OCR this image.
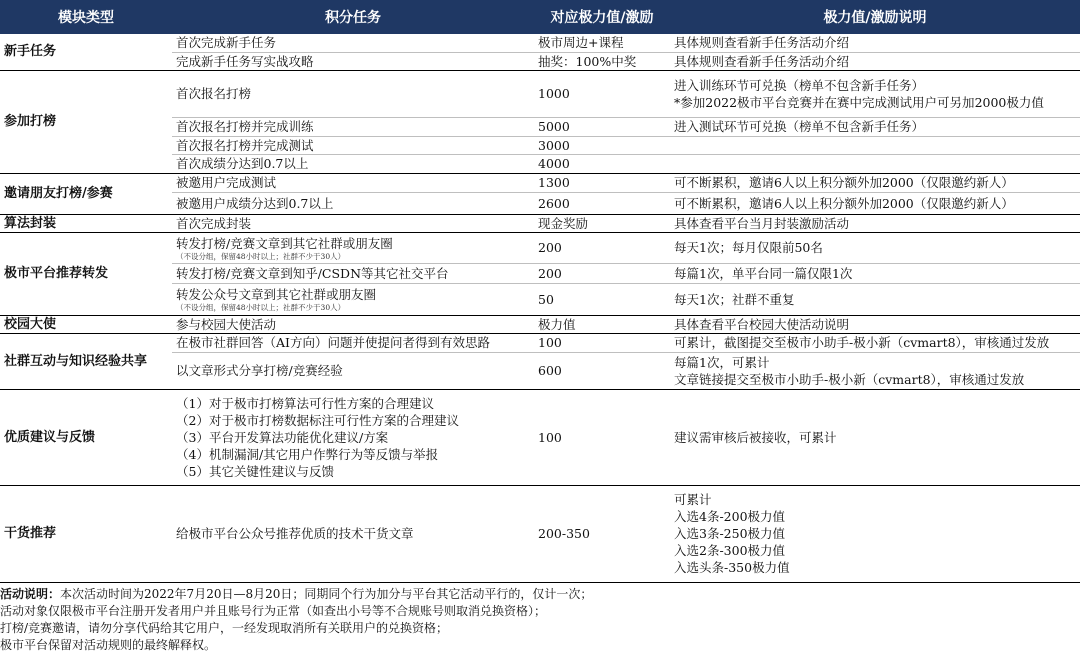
模块类型	积分任务	对应极力值/激励	极力值/激励说明
新手任务	首次完成新手任务	极市周边+课程	具体规则查看新手任务活动介绍
	完成新手任务写实战攻略	抽奖：100%中奖	具体规则查看新手任务活动介绍
参加打榜	首次报名打榜	1000	进入训练环节可兑换（榜单不包含新手任务）
*参加2022极市平台竞赛并在赛中完成测试用户可另加2000极力值

	首次报名打榜并完成训练	5000	进入测试环节可兑换（榜单不包含新手任务）
	首次报名打榜并完成测试	3000	
	首次成绩分达到0.7以上	4000	
邀请朋友打榜/参赛	被邀用户完成测试	1300	可不断累积，邀请6人以上积分额外加2000（仅限邀约新人）
	被邀用户成绩分达到0.7以上	2600	可不断累积，邀请6人以上积分额外加2000（仅限邀约新人）
算法封装	首次完成封装	现金奖励	具体查看平台当月封装激励活动
极市平台推荐转发	转发打榜/竞赛文章到其它社群或朋友圈
（不设分组，保留48小时以上；社群不少于30人）	200	每天1次；每月仅限前50名
	转发打榜/竞赛文章到知乎/CSDN等其它社交平台	200	每篇1次，单平台同一篇仅限1次

	转发公众号文章到其它社群或朋友圈
（不设分组，保留48小时以上；社群不少于30人）	50	每天1次；社群不重复
校园大使	参与校园大使活动	极力值	具体查看平台校园大使活动说明
社群互动与知识经验共享	在极市社群回答（AI方向）问题并使提问者得到有效思路	100	可累计，截图提交至极市小助手-极小新（cvmart8），审核通过发放
	以文章形式分享打榜/竞赛经验	600	每篇1次，可累计
文章链接提交至极市小助手-极小新（cvmart8），审核通过发放

优质建议与反馈	（1）对于极市打榜算法可行性方案的合理建议
（2）对于极市打榜数据标注可行性方案的合理建议
（3）平台开发算法功能优化建议/方案
（4）机制漏洞/其它用户作弊行为等反馈与举报
（5）其它关键性建议与反馈	100	建议需审核后被接收，可累计
干货推荐	给极市平台公众号推荐优质的技术干货文章	200-350	可累计
入选4条-200极力值
入选3条-250极力值
入选2条-300极力值
入选头条-350极力值
活动说明：本次活动时间为2022年7月20日—8月20日；同期同个行为加分与平台其它活动平行的，仅计一次；
活动对象仅限极市平台注册开发者用户并且账号行为正常（如查出小号等不合规账号则取消兑换资格）；
打榜/竞赛邀请，请勿分享代码给其它用户，一经发现取消所有关联用户的兑换资格；
极市平台保留对活动规则的最终解释权。
